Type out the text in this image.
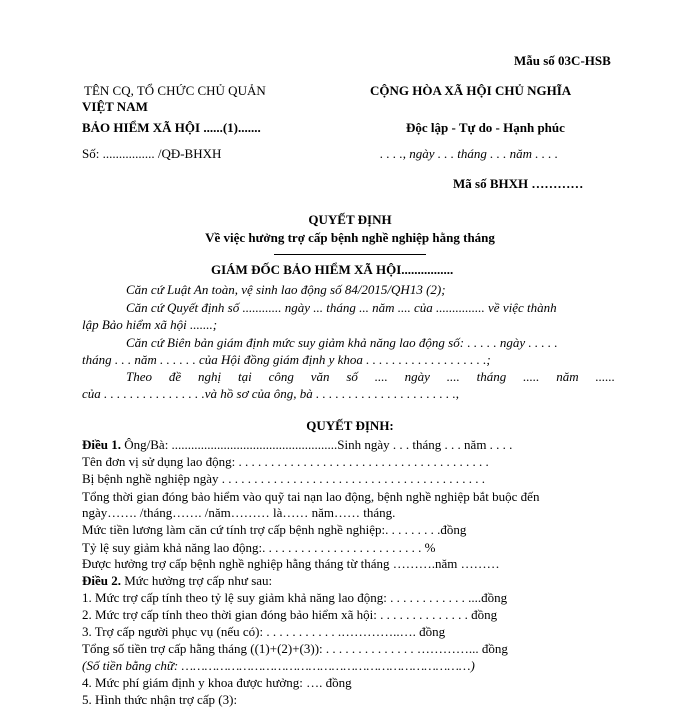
Mẫu số 03C-HSB
TÊN CQ, TỔ CHỨC CHỦ QUẢN
VIỆT NAM
BẢO HIỂM XÃ HỘI ......(1).......
Số: ................ /QĐ-BHXH
CỘNG HÒA XÃ HỘI CHỦ NGHĨA
Độc lập - Tự do - Hạnh phúc
. . . ., ngày . . . tháng . . . năm . . . .
Mã số BHXH …………
QUYẾT ĐỊNH
Về việc hưởng trợ cấp bệnh nghề nghiệp hằng tháng
GIÁM ĐỐC BẢO HIỂM XÃ HỘI................
Căn cứ Luật An toàn, vệ sinh lao động số 84/2015/QH13 (2);
Căn cứ Quyết định số ............ ngày ... tháng ... năm .... của ............... về việc thành
lập Bảo hiểm xã hội .......;
Căn cứ Biên bản giám định mức suy giảm khả năng lao động số: . . . . . ngày . . . . .
tháng . . . năm . . . . . . của Hội đồng giám định y khoa . . . . . . . . . . . . . . . . . . .;
Theo đề nghị tại công văn số .... ngày .... tháng ..... năm ......
của . . . . . . . . . . . . . . . .và hồ sơ của ông, bà . . . . . . . . . . . . . . . . . . . . . .,
QUYẾT ĐỊNH:
Điều 1. Ông/Bà: ...................................................Sinh ngày . . . tháng . . . năm . . . .
Tên đơn vị sử dụng lao động: . . . . . . . . . . . . . . . . . . . . . . . . . . . . . . . . . . . . . . .
Bị bệnh nghề nghiệp ngày . . . . . . . . . . . . . . . . . . . . . . . . . . . . . . . . . . . . . . . . .
Tổng thời gian đóng bảo hiểm vào quỹ tai nạn lao động, bệnh nghề nghiệp bắt buộc đến
ngày……. /tháng……. /năm……… là…… năm…… tháng.
Mức tiền lương làm căn cứ tính trợ cấp bệnh nghề nghiệp:. . . . . . . . .đồng
Tỷ lệ suy giảm khả năng lao động:. . . . . . . . . . . . . . . . . . . . . . . . . %
Được hưởng trợ cấp bệnh nghề nghiệp hằng tháng từ tháng ……….năm ………
Điều 2. Mức hưởng trợ cấp như sau:
1. Mức trợ cấp tính theo tỷ lệ suy giảm khả năng lao động: . . . . . . . . . . . . ....đồng
2. Mức trợ cấp tính theo thời gian đóng bảo hiểm xã hội: . . . . . . . . . . . . . . đồng
3. Trợ cấp người phục vụ (nếu có): . . . . . . . . . . . .…………..…. đồng
Tổng số tiền trợ cấp hằng tháng ((1)+(2)+(3)): . . . . . . . . . . . . . . …………... đồng
(Số tiền bằng chữ: …………………………………………………………………)
4. Mức phí giám định y khoa được hưởng: …. đồng
5. Hình thức nhận trợ cấp (3):
